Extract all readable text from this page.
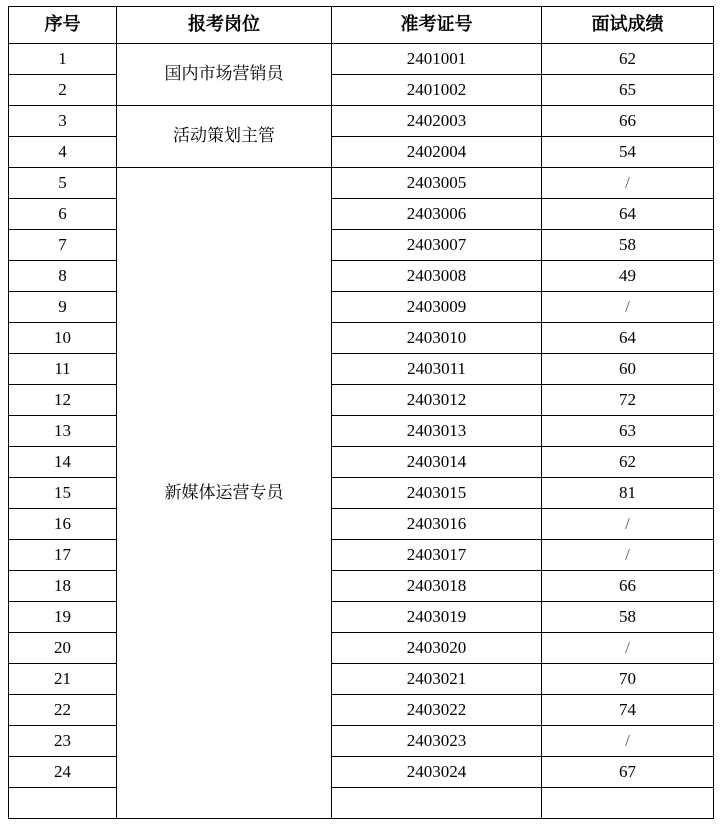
序号	报考岗位	准考证号	面试成绩
1	国内市场营销员	2401001	62
2		2401002	65
3	活动策划主管	2402003	66
4		2402004	54
5	新媒体运营专员	2403005	/
6		2403006	64
7		2403007	58
8		2403008	49
9		2403009	/
10		2403010	64
11		2403011	60
12		2403012	72
13		2403013	63
14		2403014	62
15		2403015	81
16		2403016	/
17		2403017	/
18		2403018	66
19		2403019	58
20		2403020	/
21		2403021	70
22		2403022	74
23		2403023	/
24		2403024	67
